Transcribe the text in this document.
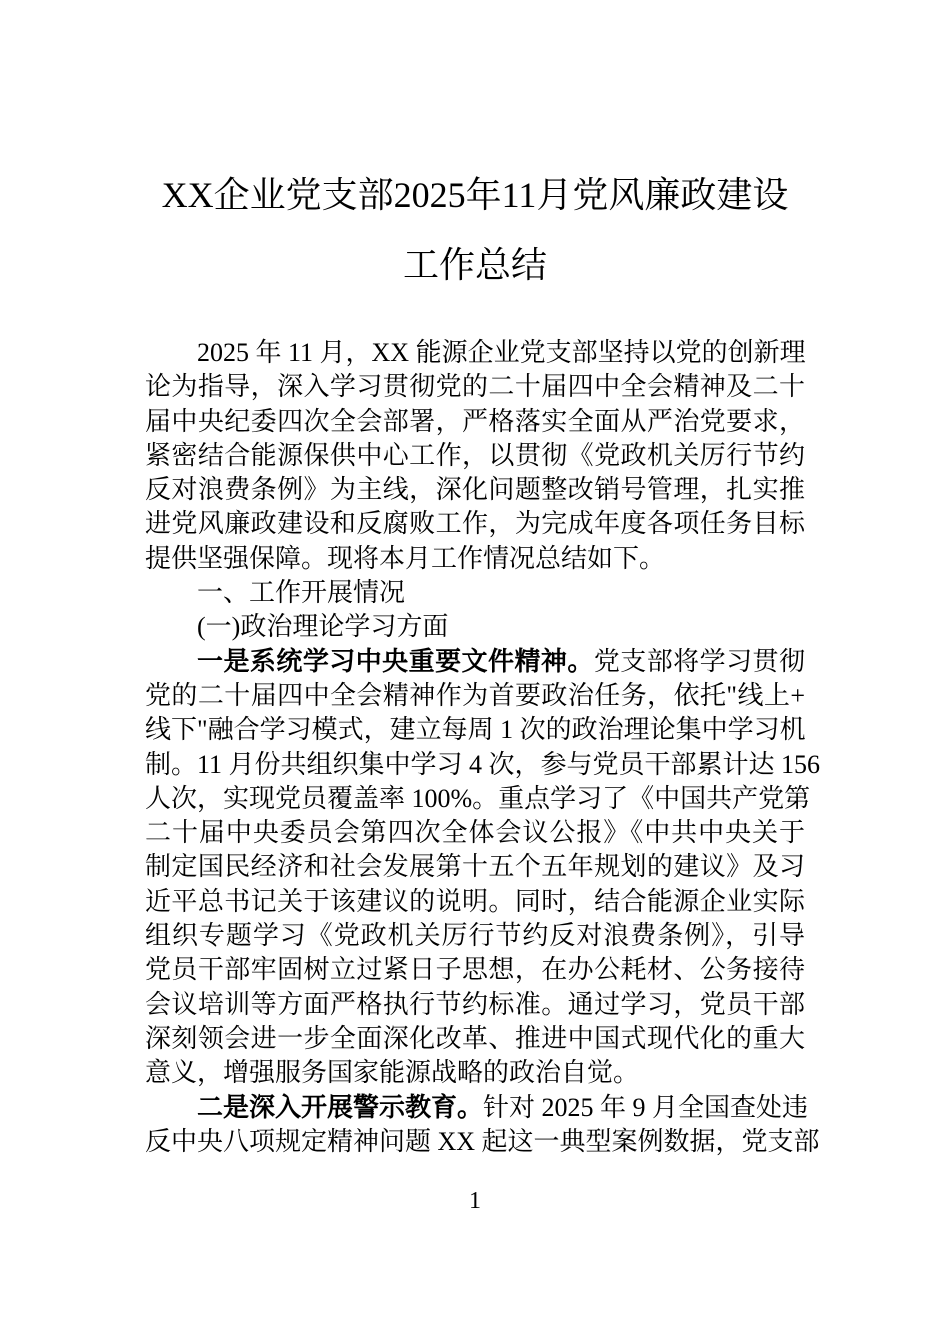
XX企业党支部2025年11月党风廉政建设
工作总结
2025 年 11 月，XX 能源企业党支部坚持以党的创新理
论为指导，深入学习贯彻党的二十届四中全会精神及二十
届中央纪委四次全会部署，严格落实全面从严治党要求，
紧密结合能源保供中心工作，以贯彻《党政机关厉行节约
反对浪费条例》为主线，深化问题整改销号管理，扎实推
进党风廉政建设和反腐败工作，为完成年度各项任务目标
提供坚强保障。现将本月工作情况总结如下。
一、工作开展情况
(一)政治理论学习方面
一是系统学习中央重要文件精神。党支部将学习贯彻
党的二十届四中全会精神作为首要政治任务，依托"线上+
线下"融合学习模式，建立每周 1 次的政治理论集中学习机
制。11 月份共组织集中学习 4 次，参与党员干部累计达 156
人次，实现党员覆盖率 100%。重点学习了《中国共产党第
二十届中央委员会第四次全体会议公报》《中共中央关于
制定国民经济和社会发展第十五个五年规划的建议》及习
近平总书记关于该建议的说明。同时，结合能源企业实际
组织专题学习《党政机关厉行节约反对浪费条例》，引导
党员干部牢固树立过紧日子思想，在办公耗材、公务接待
会议培训等方面严格执行节约标准。通过学习，党员干部
深刻领会进一步全面深化改革、推进中国式现代化的重大
意义，增强服务国家能源战略的政治自觉。
二是深入开展警示教育。针对 2025 年 9 月全国查处违
反中央八项规定精神问题 XX 起这一典型案例数据，党支部
1
